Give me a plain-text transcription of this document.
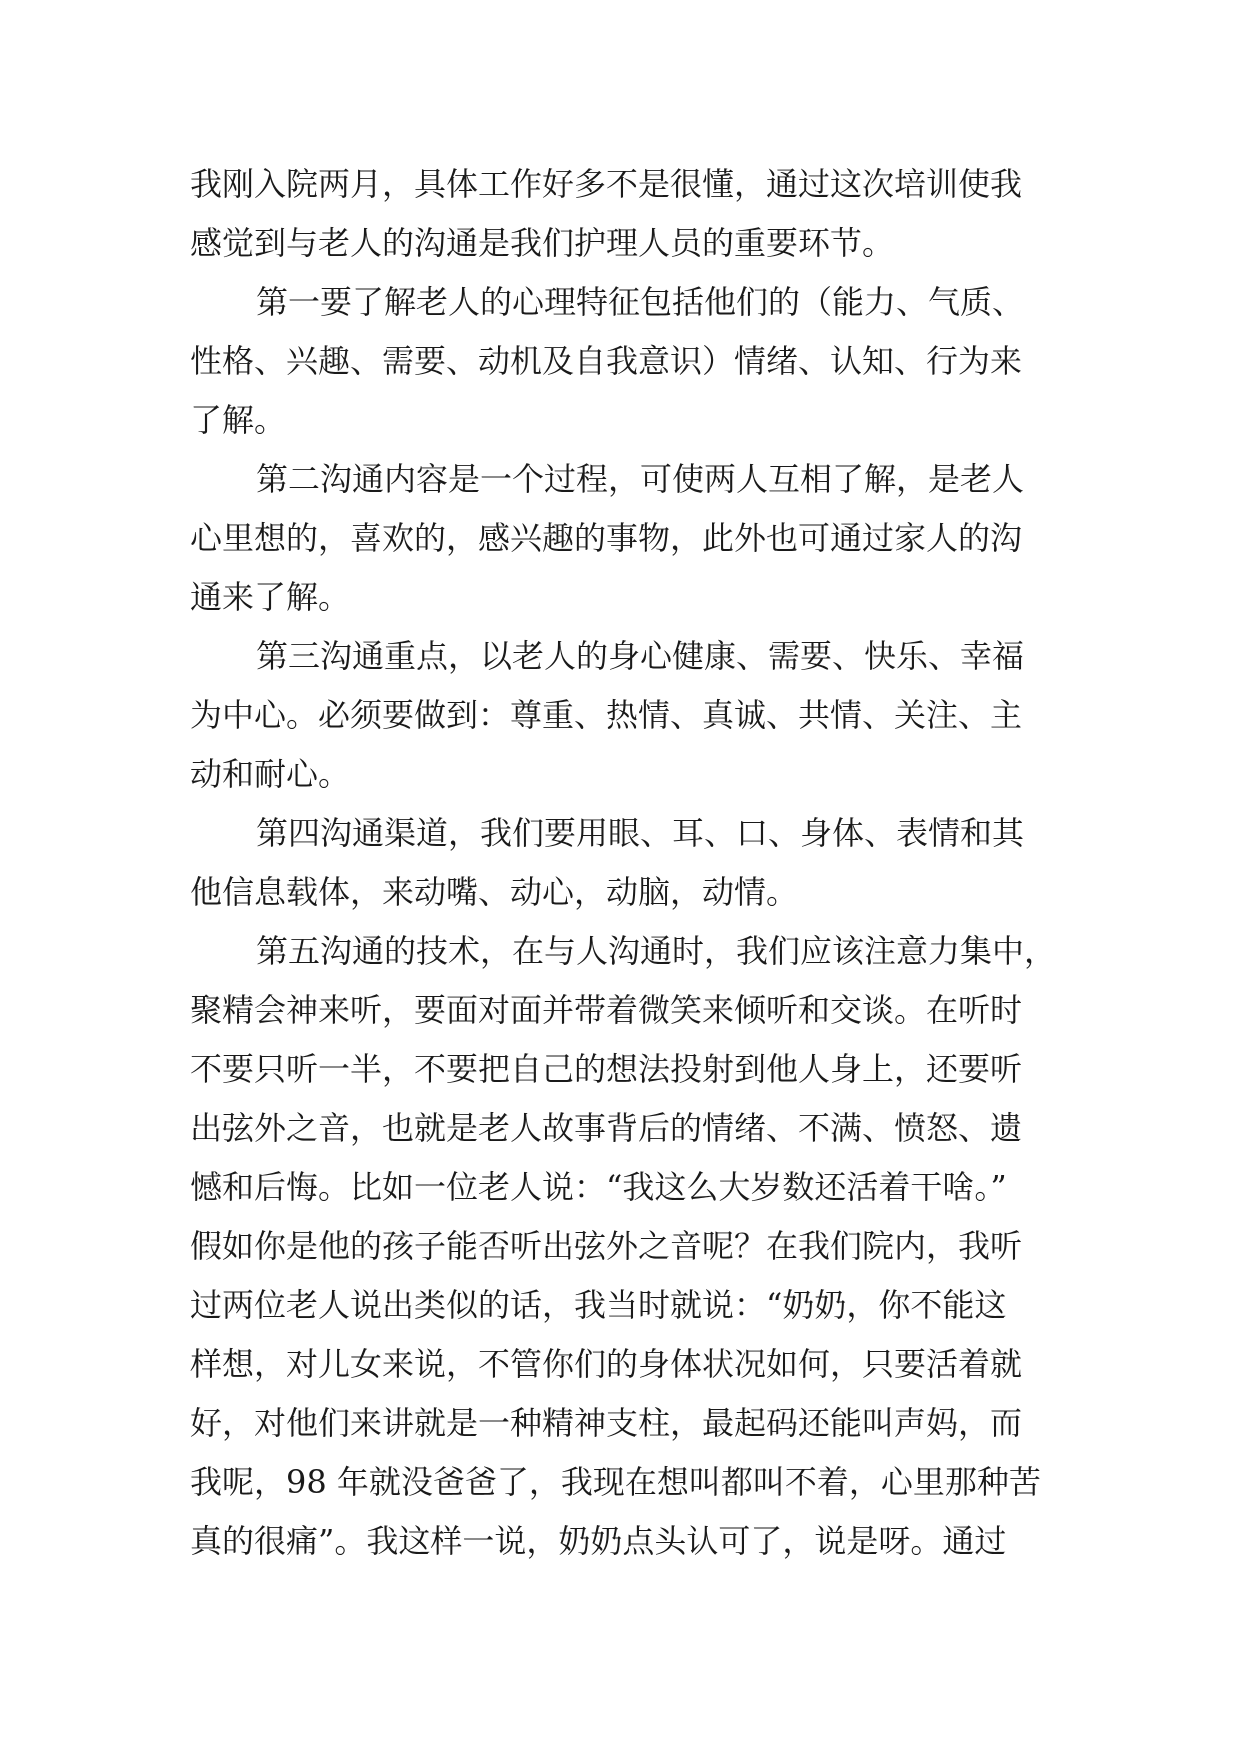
我刚入院两月，具体工作好多不是很懂，通过这次培训使我
感觉到与老人的沟通是我们护理人员的重要环节。
第一要了解老人的心理特征包括他们的（能力、气质、
性格、兴趣、需要、动机及自我意识）情绪、认知、行为来
了解。
第二沟通内容是一个过程，可使两人互相了解，是老人
心里想的，喜欢的，感兴趣的事物，此外也可通过家人的沟
通来了解。
第三沟通重点，以老人的身心健康、需要、快乐、幸福
为中心。必须要做到：尊重、热情、真诚、共情、关注、主
动和耐心。
第四沟通渠道，我们要用眼、耳、口、身体、表情和其
他信息载体，来动嘴、动心，动脑，动情。
第五沟通的技术，在与人沟通时，我们应该注意力集中，
聚精会神来听，要面对面并带着微笑来倾听和交谈。在听时
不要只听一半，不要把自己的想法投射到他人身上，还要听
出弦外之音，也就是老人故事背后的情绪、不满、愤怒、遗
憾和后悔。比如一位老人说：“我这么大岁数还活着干啥。”
假如你是他的孩子能否听出弦外之音呢？在我们院内，我听
过两位老人说出类似的话，我当时就说：“奶奶，你不能这
样想，对儿女来说，不管你们的身体状况如何，只要活着就
好，对他们来讲就是一种精神支柱，最起码还能叫声妈，而
我呢，98 年就没爸爸了，我现在想叫都叫不着，心里那种苦
真的很痛”。我这样一说，奶奶点头认可了，说是呀。通过
